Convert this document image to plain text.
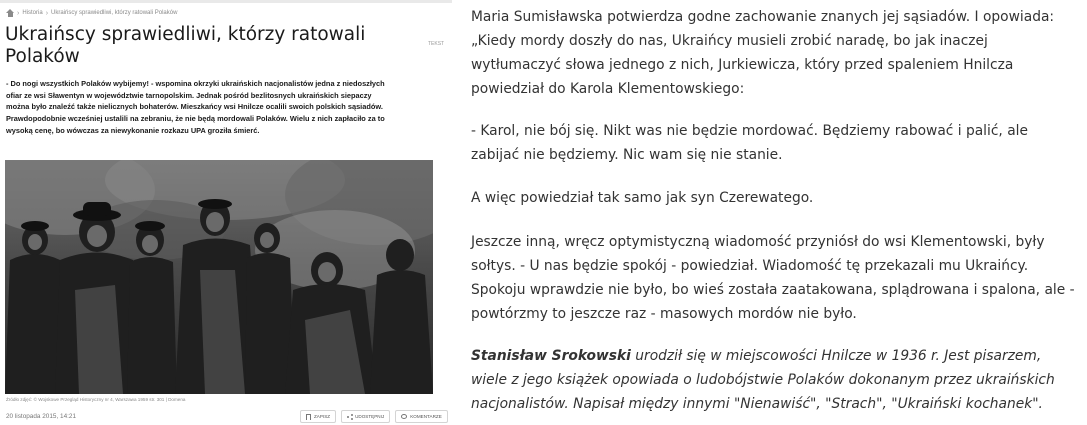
› Historia › Ukraińscy sprawiedliwi, którzy ratowali Polaków
Ukraińscy sprawiedliwi, którzy ratowali Polaków
TEKST

- Do nogi wszystkich Polaków wybijemy! - wspomina okrzyki ukraińskich nacjonalistów jedna z niedoszłych ofiar ze wsi Sławentyn w województwie tarnopolskim. Jednak pośród bezlitosnych ukraińskich siepaczy można było znaleźć także nielicznych bohaterów. Mieszkańcy wsi Hnilcze ocalili swoich polskich sąsiadów. Prawdopodobnie wcześniej ustalili na zebraniu, że nie będą mordowali Polaków. Wielu z nich zapłaciło za to wysoką cenę, bo wówczas za niewykonanie rozkazu UPA groziła śmierć.

Źródło zdjęć: © Wojskowe Przegląd Historyczny nr 4, Warszawa 1959 str. 301 | Domena
20 listopada 2015, 14:21	ZAPISZ	UDOSTĘPNIJ	KOMENTARZE

Maria Sumisławska potwierdza godne zachowanie znanych jej sąsiadów. I opowiada: „Kiedy mordy doszły do nas, Ukraińcy musieli zrobić naradę, bo jak inaczej wytłumaczyć słowa jednego z nich, Jurkiewicza, który przed spaleniem Hnilcza powiedział do Karola Klementowskiego:

- Karol, nie bój się. Nikt was nie będzie mordować. Będziemy rabować i palić, ale zabijać nie będziemy. Nic wam się nie stanie.

A więc powiedział tak samo jak syn Czerewatego.

Jeszcze inną, wręcz optymistyczną wiadomość przyniósł do wsi Klementowski, były sołtys. - U nas będzie spokój - powiedział. Wiadomość tę przekazali mu Ukraińcy. Spokoju wprawdzie nie było, bo wieś została zaatakowana, splądrowana i spalona, ale - powtórzmy to jeszcze raz - masowych mordów nie było.

Stanisław Srokowski urodził się w miejscowości Hnilcze w 1936 r. Jest pisarzem, wiele z jego książek opowiada o ludobójstwie Polaków dokonanym przez ukraińskich nacjonalistów. Napisał między innymi "Nienawiść", "Strach", "Ukraiński kochanek".
